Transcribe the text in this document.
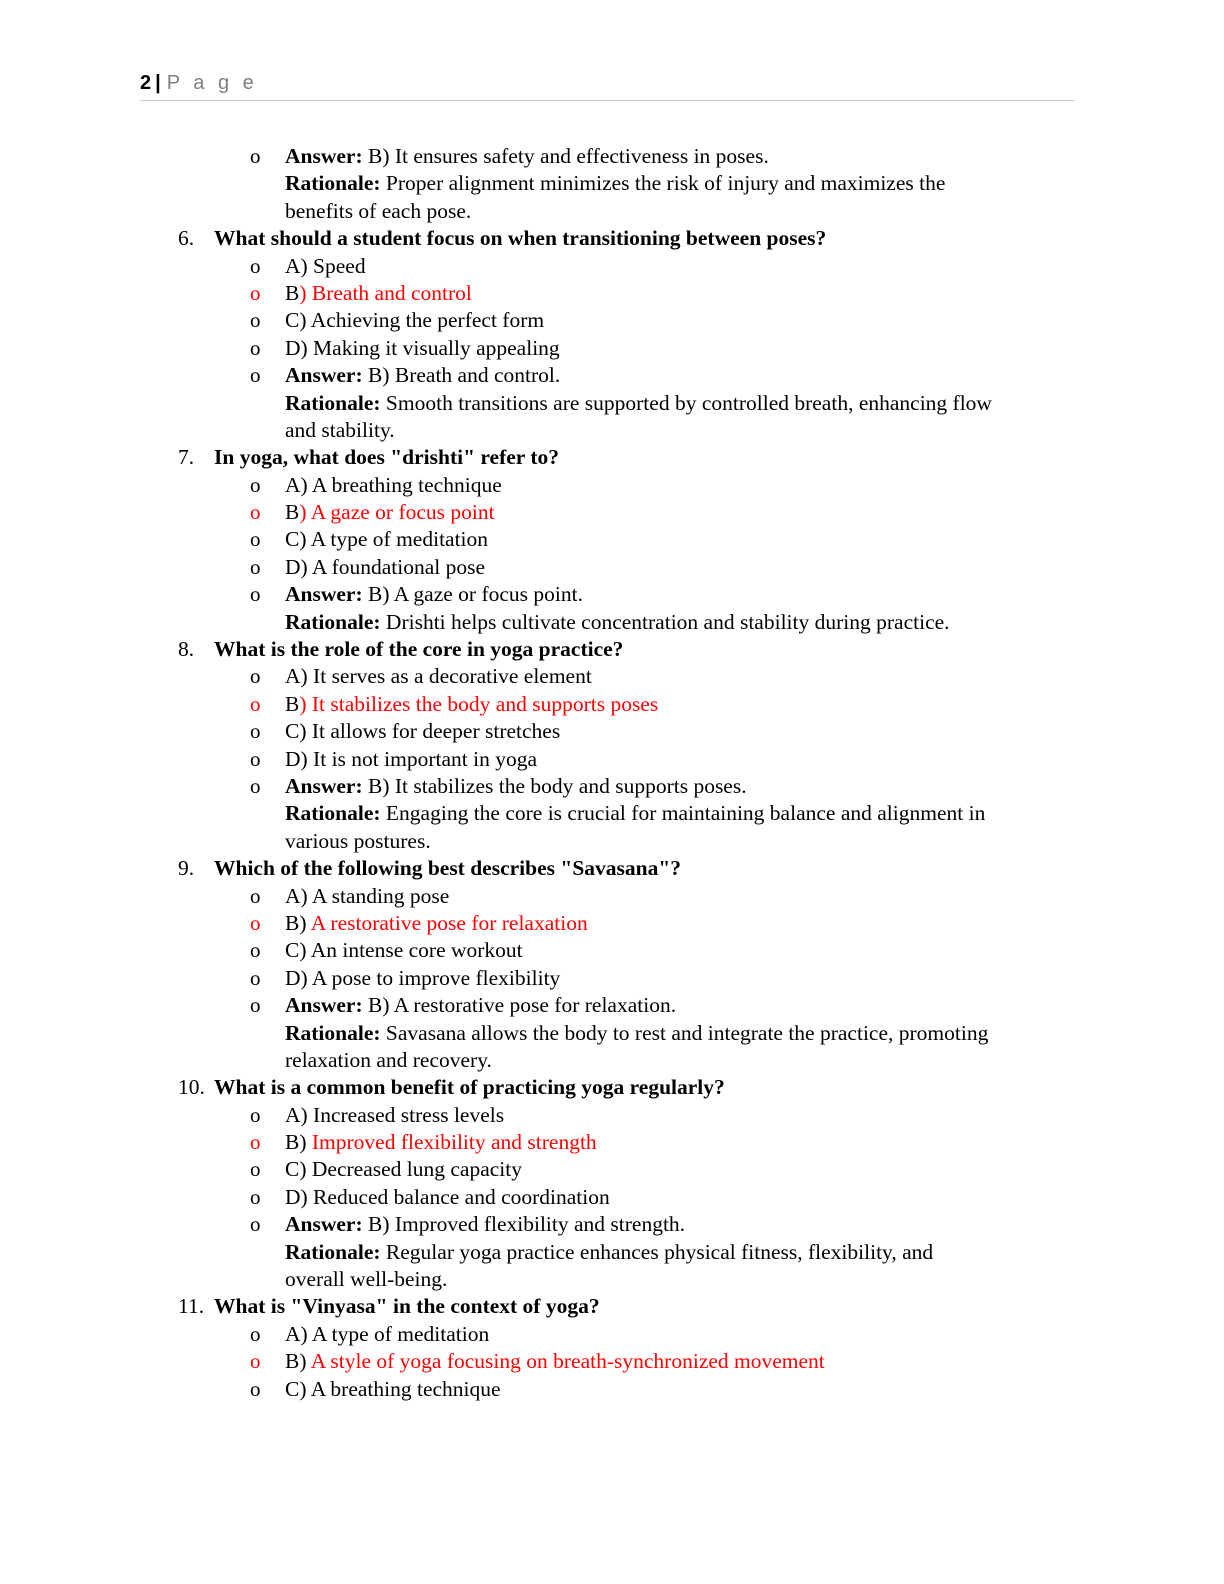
2 | P a g e
o	Answer: B) It ensures safety and effectiveness in poses.
Rationale: Proper alignment minimizes the risk of injury and maximizes the
benefits of each pose.
6. What should a student focus on when transitioning between poses?
o	A) Speed
o	B) Breath and control
o	C) Achieving the perfect form
o	D) Making it visually appealing
o	Answer: B) Breath and control.
Rationale: Smooth transitions are supported by controlled breath, enhancing flow
and stability.
7. In yoga, what does "drishti" refer to?
o	A) A breathing technique
o	B) A gaze or focus point
o	C) A type of meditation
o	D) A foundational pose
o	Answer: B) A gaze or focus point.
Rationale: Drishti helps cultivate concentration and stability during practice.
8. What is the role of the core in yoga practice?
o	A) It serves as a decorative element
o	B) It stabilizes the body and supports poses
o	C) It allows for deeper stretches
o	D) It is not important in yoga
o	Answer: B) It stabilizes the body and supports poses.
Rationale: Engaging the core is crucial for maintaining balance and alignment in
various postures.
9. Which of the following best describes "Savasana"?
o	A) A standing pose
o	B) A restorative pose for relaxation
o	C) An intense core workout
o	D) A pose to improve flexibility
o	Answer: B) A restorative pose for relaxation.
Rationale: Savasana allows the body to rest and integrate the practice, promoting
relaxation and recovery.
10. What is a common benefit of practicing yoga regularly?
o	A) Increased stress levels
o	B) Improved flexibility and strength
o	C) Decreased lung capacity
o	D) Reduced balance and coordination
o	Answer: B) Improved flexibility and strength.
Rationale: Regular yoga practice enhances physical fitness, flexibility, and
overall well-being.
11. What is "Vinyasa" in the context of yoga?
o	A) A type of meditation
o	B) A style of yoga focusing on breath-synchronized movement
o	C) A breathing technique
